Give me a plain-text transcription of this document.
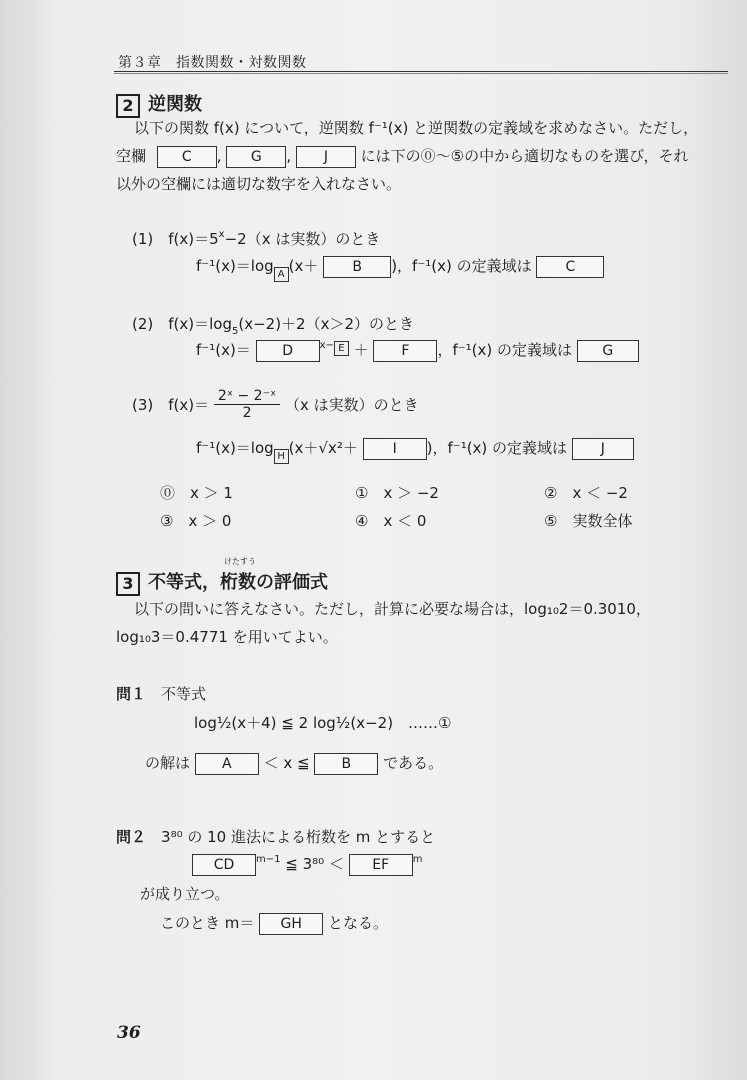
第３章　指数関数・対数関数
2 逆関数
以下の関数 f(x) について，逆関数 f⁻¹(x) と逆関数の定義域を求めなさい。ただし，
空欄	C , G , J には下の⓪〜⑤の中から適切なものを選び，それ
以外の空欄には適切な数字を入れなさい。
(1)　$f(x)=5^x-2(x$ は実数）のとき
f⁻¹(x)＝log A (x＋ B )，f⁻¹(x) の定義域は C
(2)　$f(x)=\log_5(x-2)+2(x>2)$のとき
f⁻¹(x)＝ D	$^{x-}$ E ＋ F ，f⁻¹(x) の定義域は G
(3)　$f(x)= \frac{\text{2ˣ − 2⁻ˣ}}{2} (x$ は実数）のとき
f⁻¹(x)＝log H (x＋√x²＋ I )，f⁻¹(x) の定義域は J
⓪　x ＞ 1	①　x ＞ −2	②　x ＜ −2
③　x ＞ 0	④　x ＜ 0	⑤　実数全体
けたすう
3 不等式，桁数の評価式
以下の問いに答えなさい。ただし，計算に必要な場合は，log₁₀2＝0.3010，
log₁₀3＝0.4771 を用いてよい。
問１　 不等式
log½(x＋4) ≦ 2 log½(x−2)　……①
の解は A ＜ x ≦ B である。
問２　 3⁸⁰ の 10 進法による桁数を m とすると
CD $^{m-1}$ ≦ 3⁸⁰ ＜ EF $^m$
が成り立つ。
このとき m＝ GH となる。
36
